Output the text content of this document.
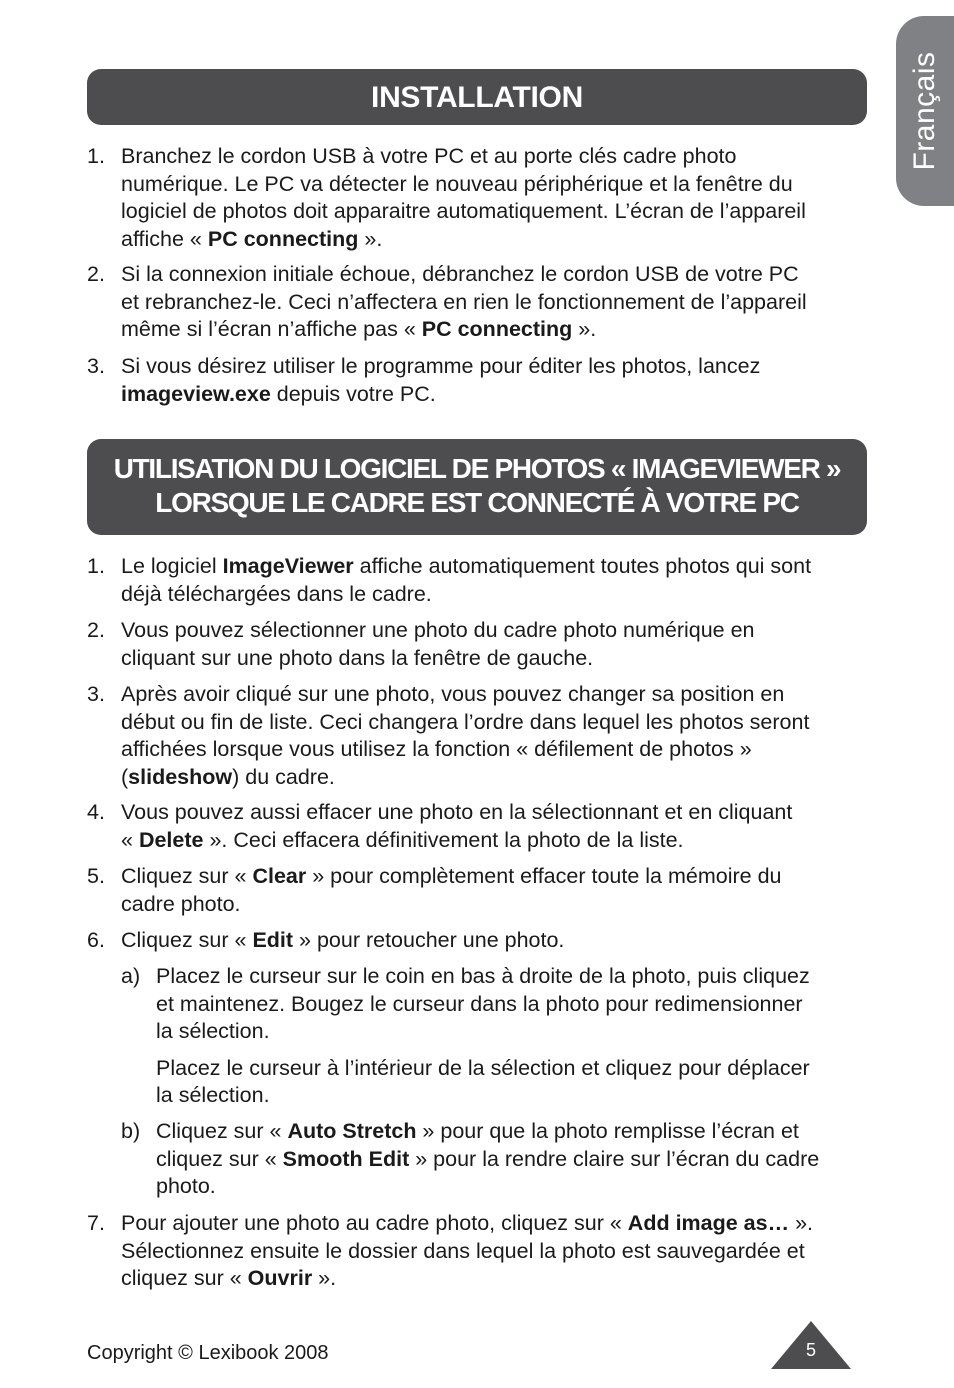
Français
INSTALLATION
1. Branchez le cordon USB à votre PC et au porte clés cadre photo
numérique. Le PC va détecter le nouveau périphérique et la fenêtre du
logiciel de photos doit apparaitre automatiquement. L’écran de l’appareil
affiche « PC connecting ».
2. Si la connexion initiale échoue, débranchez le cordon USB de votre PC
et rebranchez-le. Ceci n’affectera en rien le fonctionnement de l’appareil
même si l’écran n’affiche pas « PC connecting ».
3. Si vous désirez utiliser le programme pour éditer les photos, lancez
imageview.exe depuis votre PC.
UTILISATION DU LOGICIEL DE PHOTOS « IMAGEVIEWER »
LORSQUE LE CADRE EST CONNECTÉ À VOTRE PC
1. Le logiciel ImageViewer affiche automatiquement toutes photos qui sont
déjà téléchargées dans le cadre.
2. Vous pouvez sélectionner une photo du cadre photo numérique en
cliquant sur une photo dans la fenêtre de gauche.
3. Après avoir cliqué sur une photo, vous pouvez changer sa position en
début ou fin de liste. Ceci changera l’ordre dans lequel les photos seront
affichées lorsque vous utilisez la fonction « défilement de photos »
(slideshow) du cadre.
4. Vous pouvez aussi effacer une photo en la sélectionnant et en cliquant
« Delete ». Ceci effacera définitivement la photo de la liste.
5. Cliquez sur « Clear » pour complètement effacer toute la mémoire du
cadre photo.
6. Cliquez sur « Edit » pour retoucher une photo.
a) Placez le curseur sur le coin en bas à droite de la photo, puis cliquez
et maintenez. Bougez le curseur dans la photo pour redimensionner
la sélection.
Placez le curseur à l’intérieur de la sélection et cliquez pour déplacer
la sélection.
b) Cliquez sur « Auto Stretch » pour que la photo remplisse l’écran et
cliquez sur « Smooth Edit » pour la rendre claire sur l’écran du cadre
photo.
7. Pour ajouter une photo au cadre photo, cliquez sur « Add image as… ».
Sélectionnez ensuite le dossier dans lequel la photo est sauvegardée et
cliquez sur « Ouvrir ».
Copyright © Lexibook 2008	5
